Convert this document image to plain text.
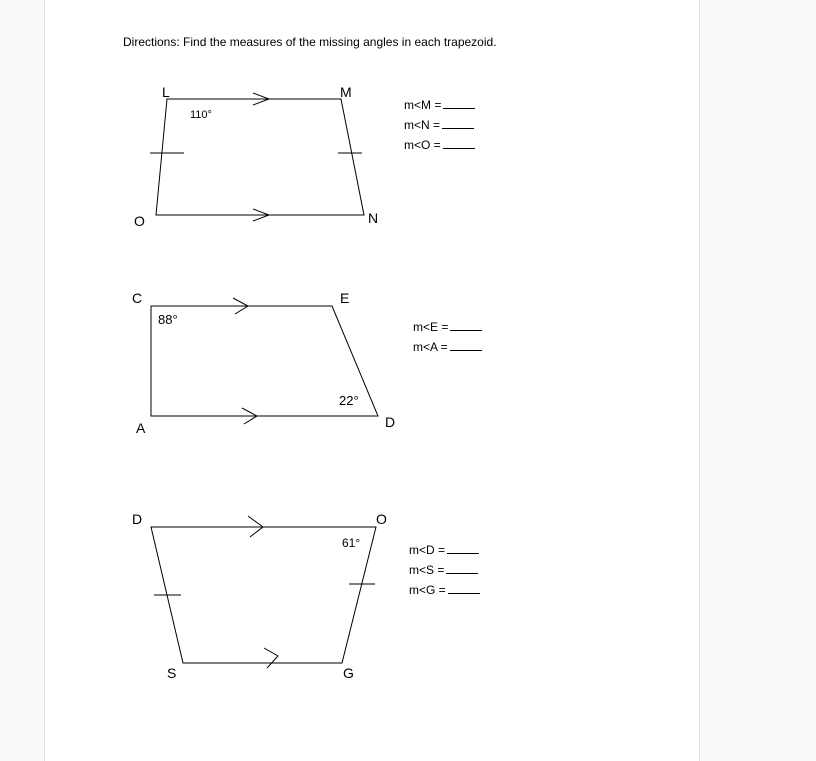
Directions: Find the measures of the missing angles in each trapezoid.
L	M
N
O
110°
C	E
D
A
88°
22°
D	O
G
S
61°
m<M =
m<N =
m<O =
m<E =
m<A =
m<D =
m<S =
m<G =
